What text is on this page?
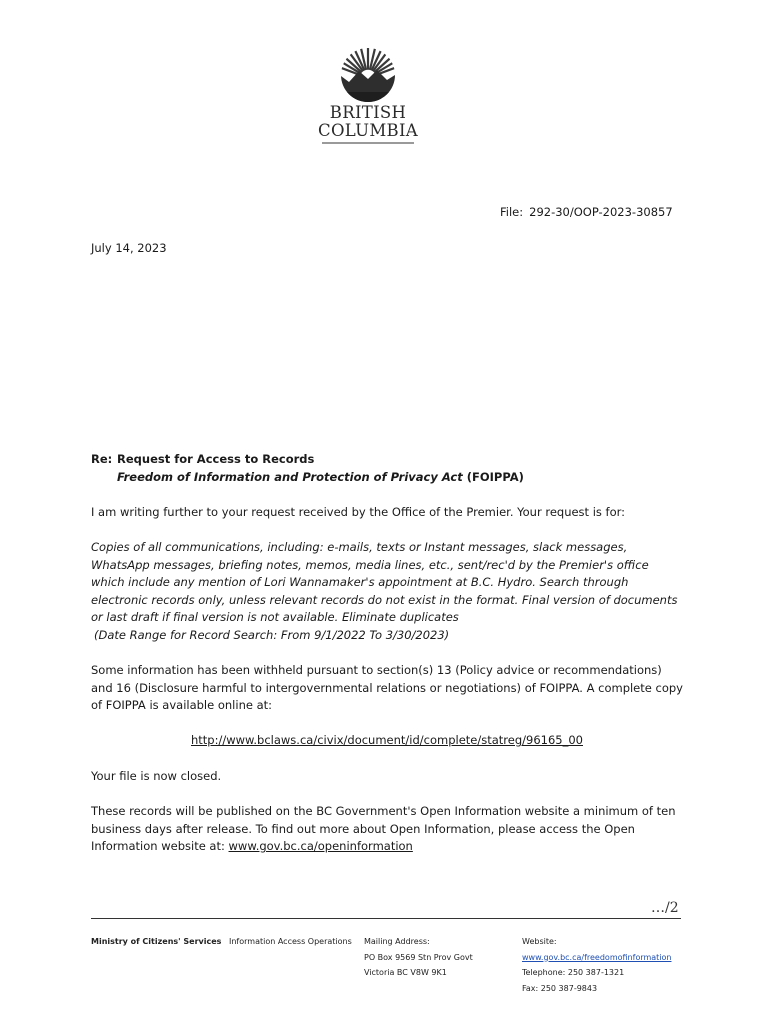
BRITISH
COLUMBIA
File: 292-30/OOP-2023-30857
July 14, 2023
Re: Request for Access to Records
Freedom of Information and Protection of Privacy Act (FOIPPA)
I am writing further to your request received by the Office of the Premier. Your request is for:
Copies of all communications, including: e-mails, texts or Instant messages, slack messages, WhatsApp messages, briefing notes, memos, media lines, etc., sent/rec'd by the Premier's office which include any mention of Lori Wannamaker's appointment at B.C. Hydro. Search through electronic records only, unless relevant records do not exist in the format. Final version of documents or last draft if final version is not available. Eliminate duplicates
(Date Range for Record Search: From 9/1/2022 To 3/30/2023)
Some information has been withheld pursuant to section(s) 13 (Policy advice or recommendations) and 16 (Disclosure harmful to intergovernmental relations or negotiations) of FOIPPA. A complete copy of FOIPPA is available online at:
http://www.bclaws.ca/civix/document/id/complete/statreg/96165_00
Your file is now closed.
These records will be published on the BC Government's Open Information website a minimum of ten business days after release. To find out more about Open Information, please access the Open Information website at: www.gov.bc.ca/openinformation
…/2
Ministry of Citizens' Services Information Access Operations Mailing Address:
PO Box 9569 Stn Prov Govt
Victoria BC V8W 9K1
Website:
www.gov.bc.ca/freedomofinformation
Telephone: 250 387-1321
Fax: 250 387-9843
